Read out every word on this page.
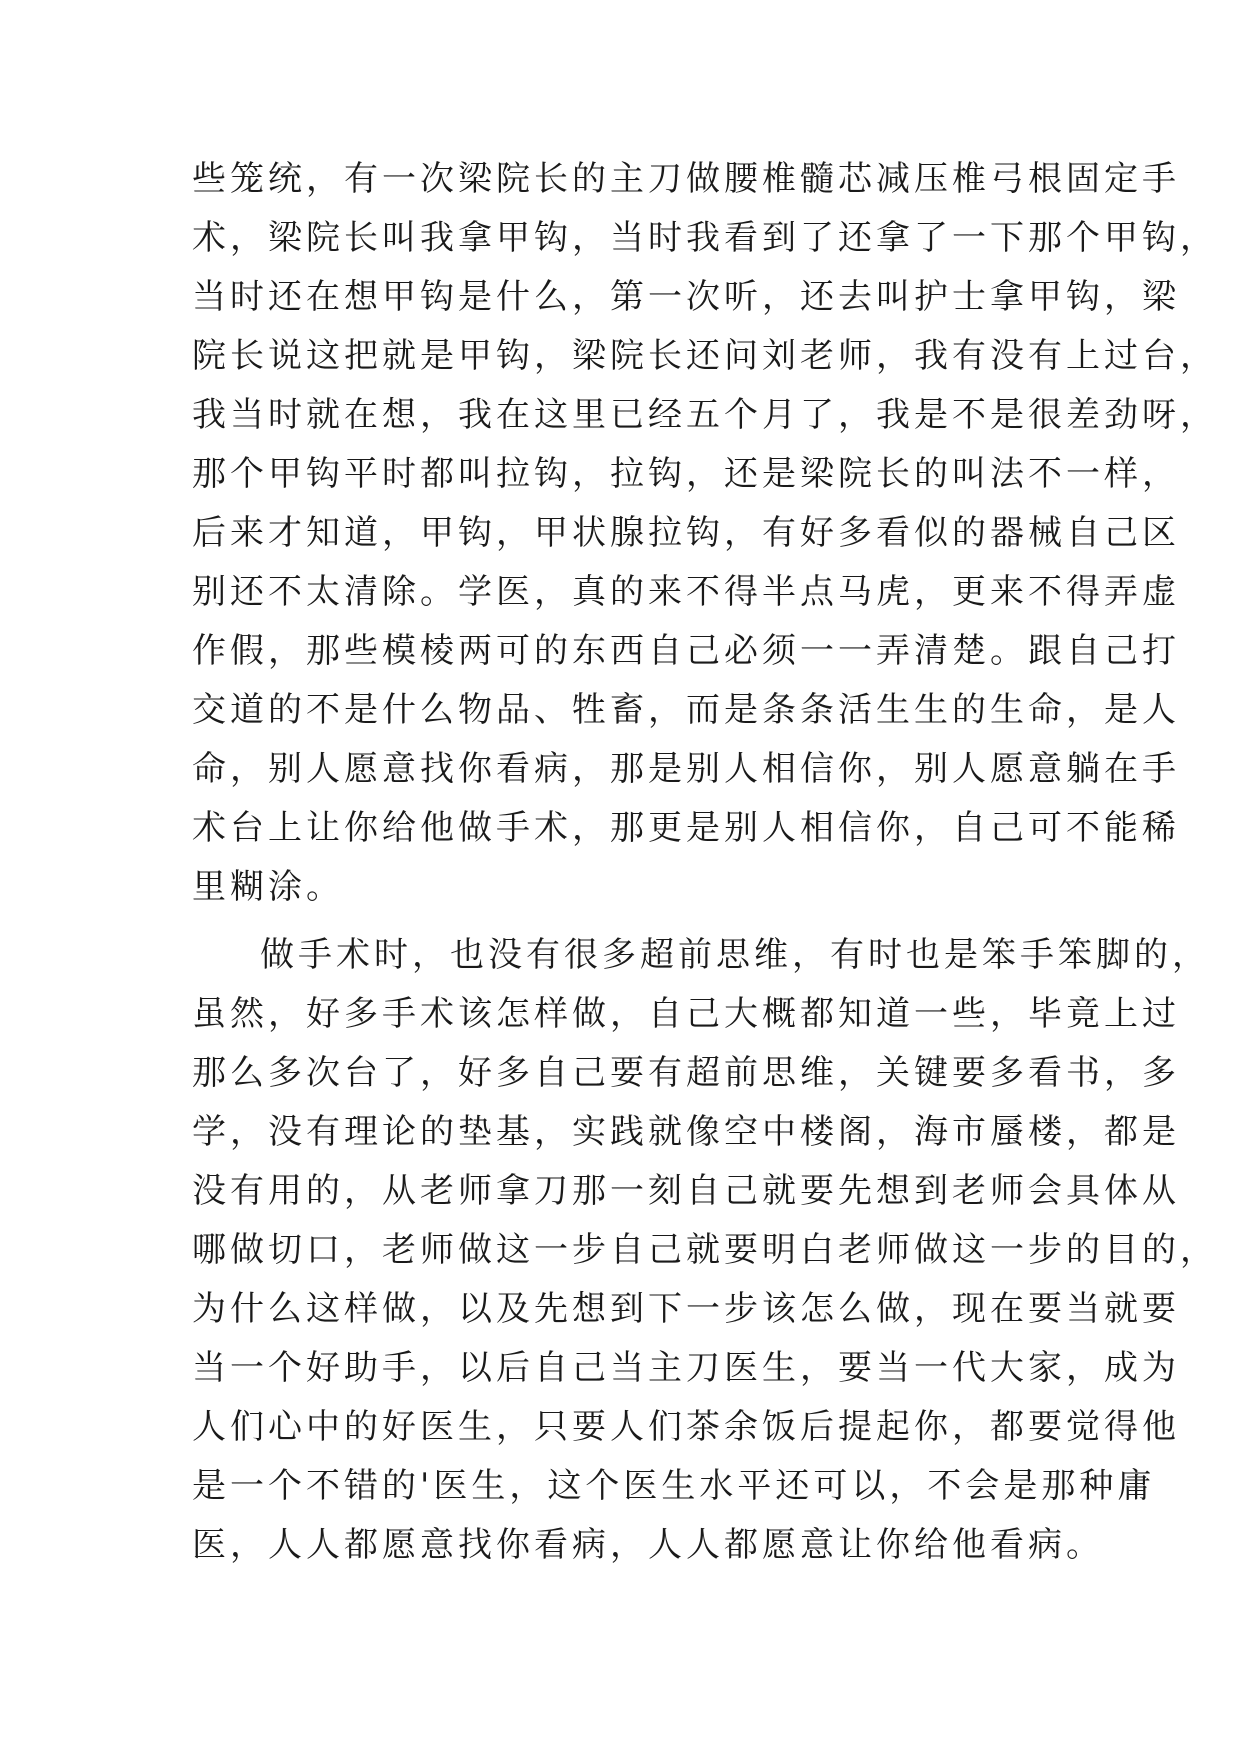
些笼统，有一次梁院长的主刀做腰椎髓芯减压椎弓根固定手
术，梁院长叫我拿甲钩，当时我看到了还拿了一下那个甲钩，
当时还在想甲钩是什么，第一次听，还去叫护士拿甲钩，梁
院长说这把就是甲钩，梁院长还问刘老师，我有没有上过台，
我当时就在想，我在这里已经五个月了，我是不是很差劲呀，
那个甲钩平时都叫拉钩，拉钩，还是梁院长的叫法不一样，
后来才知道，甲钩，甲状腺拉钩，有好多看似的器械自己区
别还不太清除。学医，真的来不得半点马虎，更来不得弄虚
作假，那些模棱两可的东西自己必须一一弄清楚。跟自己打
交道的不是什么物品、牲畜，而是条条活生生的生命，是人
命，别人愿意找你看病，那是别人相信你，别人愿意躺在手
术台上让你给他做手术，那更是别人相信你，自己可不能稀
里糊涂。
做手术时，也没有很多超前思维，有时也是笨手笨脚的，
虽然，好多手术该怎样做，自己大概都知道一些，毕竟上过
那么多次台了，好多自己要有超前思维，关键要多看书，多
学，没有理论的垫基，实践就像空中楼阁，海市蜃楼，都是
没有用的，从老师拿刀那一刻自己就要先想到老师会具体从
哪做切口，老师做这一步自己就要明白老师做这一步的目的，
为什么这样做，以及先想到下一步该怎么做，现在要当就要
当一个好助手，以后自己当主刀医生，要当一代大家，成为
人们心中的好医生，只要人们茶余饭后提起你，都要觉得他
是一个不错的'医生，这个医生水平还可以，不会是那种庸
医，人人都愿意找你看病，人人都愿意让你给他看病。
